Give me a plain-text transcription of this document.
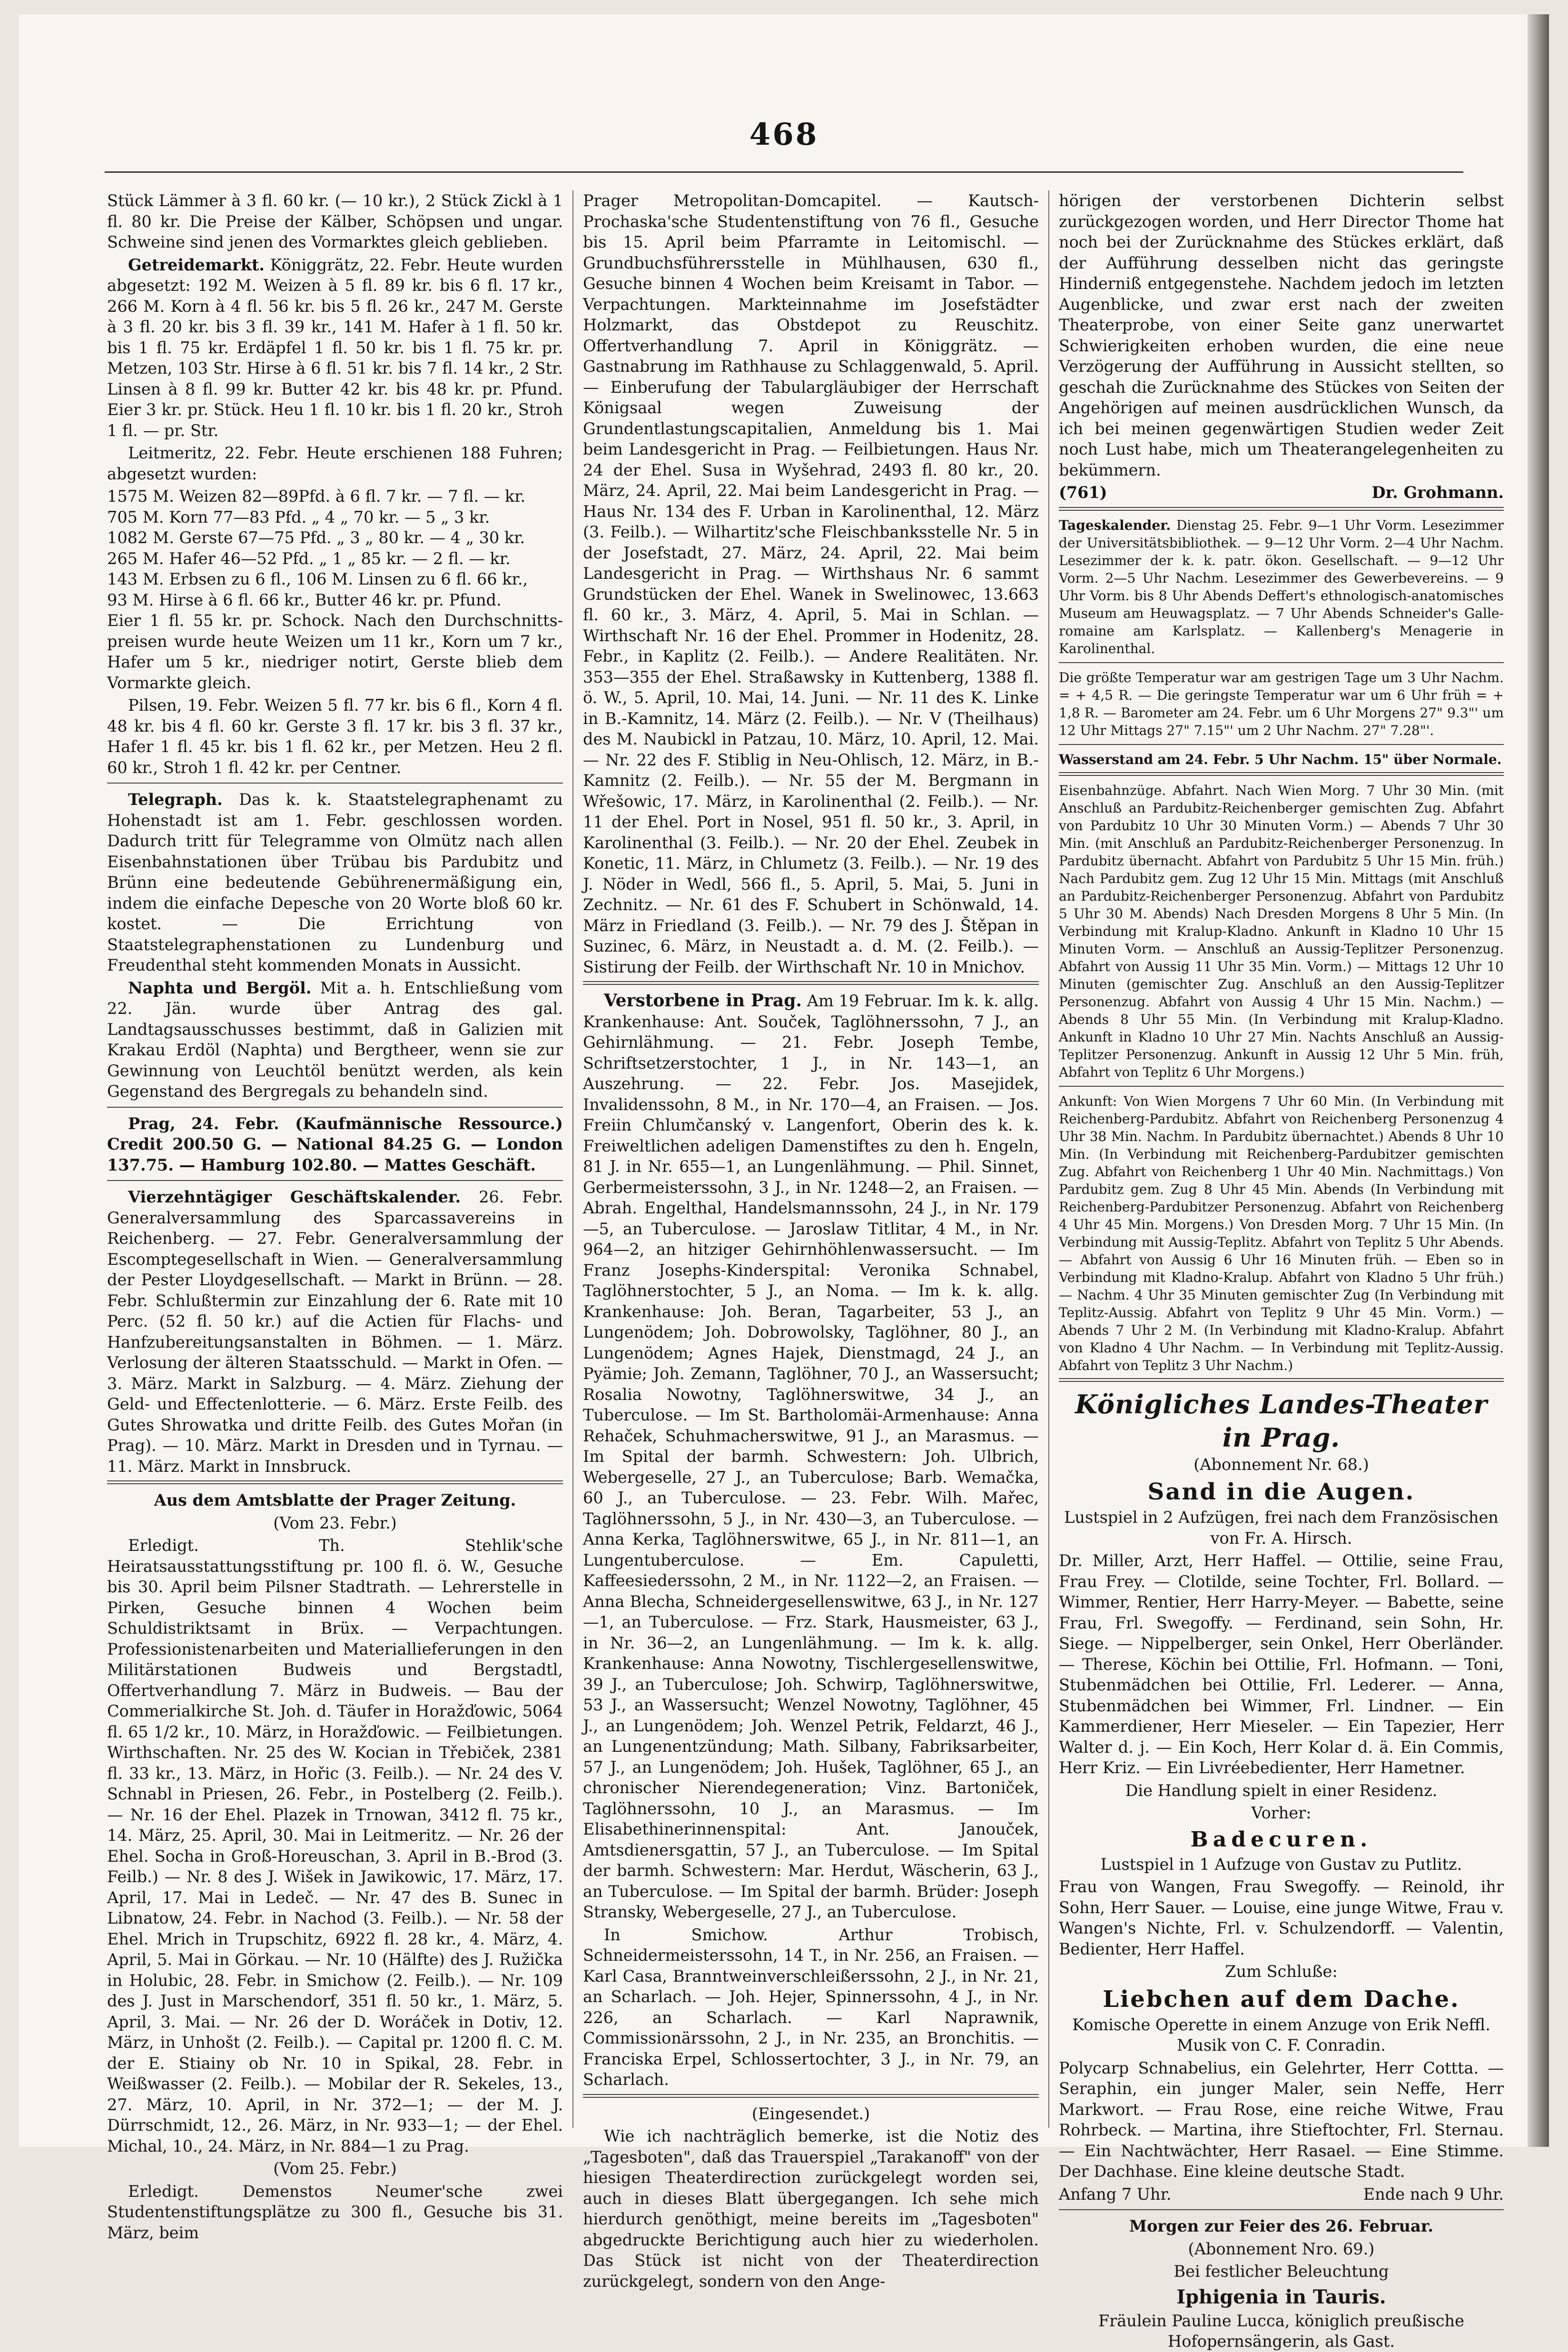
468

Stück Lämmer à 3 fl. 60 kr. (— 10 kr.), 2 Stück Zickl à 1 fl. 80 kr. Die Preise der Kälber, Schöpsen und ungar. Schweine sind jenen des Vormarktes gleich geblieben.

Getreidemarkt. Königgrätz, 22. Febr. Heute wurden abgesetzt: 192 M. Weizen à 5 fl. 89 kr. bis 6 fl. 17 kr., 266 M. Korn à 4 fl. 56 kr. bis 5 fl. 26 kr., 247 M. Gerste à 3 fl. 20 kr. bis 3 fl. 39 kr., 141 M. Hafer à 1 fl. 50 kr. bis 1 fl. 75 kr. Erdäpfel 1 fl. 50 kr. bis 1 fl. 75 kr. pr. Metzen, 103 Str. Hirse à 6 fl. 51 kr. bis 7 fl. 14 kr., 2 Str. Linsen à 8 fl. 99 kr. Butter 42 kr. bis 48 kr. pr. Pfund. Eier 3 kr. pr. Stück. Heu 1 fl. 10 kr. bis 1 fl. 20 kr., Stroh 1 fl. — pr. Str.

Leitmeritz, 22. Febr. Heute erschienen 188 Fuhren; abgesetzt wurden:

1575 M. Weizen 82—89Pfd. à 6 fl. 7 kr. — 7 fl. — kr.
705 M. Korn 77—83 Pfd. „ 4 „ 70 kr. — 5 „ 3 kr.
1082 M. Gerste 67—75 Pfd. „ 3 „ 80 kr. — 4 „ 30 kr.
265 M. Hafer 46—52 Pfd. „ 1 „ 85 kr. — 2 fl. — kr.
143 M. Erbsen zu 6 fl., 106 M. Linsen zu 6 fl. 66 kr.,
93 M. Hirse à 6 fl. 66 kr., Butter 46 kr. pr. Pfund.

Eier 1 fl. 55 kr. pr. Schock. Nach den Durchschnitts-preisen wurde heute Weizen um 11 kr., Korn um 7 kr., Hafer um 5 kr., niedriger notirt, Gerste blieb dem Vormarkte gleich.

Pilsen, 19. Febr. Weizen 5 fl. 77 kr. bis 6 fl., Korn 4 fl. 48 kr. bis 4 fl. 60 kr. Gerste 3 fl. 17 kr. bis 3 fl. 37 kr., Hafer 1 fl. 45 kr. bis 1 fl. 62 kr., per Metzen. Heu 2 fl. 60 kr., Stroh 1 fl. 42 kr. per Centner.

Telegraph. Das k. k. Staatstelegraphenamt zu Hohenstadt ist am 1. Febr. geschlossen worden. Dadurch tritt für Telegramme von Olmütz nach allen Eisenbahnstationen über Trübau bis Pardubitz und Brünn eine bedeutende Gebührenermäßigung ein, indem die einfache Depesche von 20 Worte bloß 60 kr. kostet. — Die Errichtung von Staatstelegraphenstationen zu Lundenburg und Freudenthal steht kommenden Monats in Aussicht.

Naphta und Bergöl. Mit a. h. Entschließung vom 22. Jän. wurde über Antrag des gal. Landtagsausschusses bestimmt, daß in Galizien mit Krakau Erdöl (Naphta) und Bergtheer, wenn sie zur Gewinnung von Leuchtöl benützt werden, als kein Gegenstand des Bergregals zu behandeln sind.

Prag, 24. Febr. (Kaufmännische Ressource.) Credit 200.50 G. — National 84.25 G. — London 137.75. — Hamburg 102.80. — Mattes Geschäft.

Vierzehntägiger Geschäftskalender. 26. Febr. Generalversammlung des Sparcassavereins in Reichenberg. — 27. Febr. Generalversammlung der Escomptegesellschaft in Wien. — Generalversammlung der Pester Lloydgesellschaft. — Markt in Brünn. — 28. Febr. Schlußtermin zur Einzahlung der 6. Rate mit 10 Perc. (52 fl. 50 kr.) auf die Actien für Flachs- und Hanfzubereitungsanstalten in Böhmen. — 1. März. Verlosung der älteren Staatsschuld. — Markt in Ofen. — 3. März. Markt in Salzburg. — 4. März. Ziehung der Geld- und Effectenlotterie. — 6. März. Erste Feilb. des Gutes Shrowatka und dritte Feilb. des Gutes Mořan (in Prag). — 10. März. Markt in Dresden und in Tyrnau. — 11. März. Markt in Innsbruck.

Aus dem Amtsblatte der Prager Zeitung.

(Vom 23. Febr.)

Erledigt. Th. Stehlik'sche Heiratsausstattungsstiftung pr. 100 fl. ö. W., Gesuche bis 30. April beim Pilsner Stadtrath. — Lehrerstelle in Pirken, Gesuche binnen 4 Wochen beim Schuldistriktsamt in Brüx. — Verpachtungen. Professionistenarbeiten und Materiallieferungen in den Militärstationen Budweis und Bergstadtl, Offertverhandlung 7. März in Budweis. — Bau der Commerialkirche St. Joh. d. Täufer in Horažďowic, 5064 fl. 65 1/2 kr., 10. März, in Horažďowic. — Feilbietungen. Wirthschaften. Nr. 25 des W. Kocian in Třebiček, 2381 fl. 33 kr., 13. März, in Hořic (3. Feilb.). — Nr. 24 des V. Schnabl in Priesen, 26. Febr., in Postelberg (2. Feilb.). — Nr. 16 der Ehel. Plazek in Trnowan, 3412 fl. 75 kr., 14. März, 25. April, 30. Mai in Leitmeritz. — Nr. 26 der Ehel. Socha in Groß-Horeuschan, 3. April in B.-Brod (3. Feilb.) — Nr. 8 des J. Wišek in Jawikowic, 17. März, 17. April, 17. Mai in Ledeč. — Nr. 47 des B. Sunec in Libnatow, 24. Febr. in Nachod (3. Feilb.). — Nr. 58 der Ehel. Mrich in Trupschitz, 6922 fl. 28 kr., 4. März, 4. April, 5. Mai in Görkau. — Nr. 10 (Hälfte) des J. Ružička in Holubic, 28. Febr. in Smichow (2. Feilb.). — Nr. 109 des J. Just in Marschendorf, 351 fl. 50 kr., 1. März, 5. April, 3. Mai. — Nr. 26 der D. Woráček in Dotiv, 12. März, in Unhošt (2. Feilb.). — Capital pr. 1200 fl. C. M. der E. Stiainy ob Nr. 10 in Spikal, 28. Febr. in Weißwasser (2. Feilb.). — Mobilar der R. Sekeles, 13., 27. März, 10. April, in Nr. 372—1; — der M. J. Dürrschmidt, 12., 26. März, in Nr. 933—1; — der Ehel. Michal, 10., 24. März, in Nr. 884—1 zu Prag.

(Vom 25. Febr.)

Erledigt. Demenstos Neumer'sche zwei Studentenstiftungsplätze zu 300 fl., Gesuche bis 31. März, beim

Prager Metropolitan-Domcapitel. — Kautsch-Prochaska'sche Studentenstiftung von 76 fl., Gesuche bis 15. April beim Pfarramte in Leitomischl. — Grundbuchsführersstelle in Mühlhausen, 630 fl., Gesuche binnen 4 Wochen beim Kreisamt in Tabor. — Verpachtungen. Markteinnahme im Josefstädter Holzmarkt, das Obstdepot zu Reuschitz. Offertverhandlung 7. April in Königgrätz. — Gastnabrung im Rathhause zu Schlaggenwald, 5. April. — Einberufung der Tabulargläubiger der Herrschaft Königsaal wegen Zuweisung der Grundentlastungscapitalien, Anmeldung bis 1. Mai beim Landesgericht in Prag. — Feilbietungen. Haus Nr. 24 der Ehel. Susa in Wyšehrad, 2493 fl. 80 kr., 20. März, 24. April, 22. Mai beim Landesgericht in Prag. — Haus Nr. 134 des F. Urban in Karolinenthal, 12. März (3. Feilb.). — Wilhartitz'sche Fleischbanksstelle Nr. 5 in der Josefstadt, 27. März, 24. April, 22. Mai beim Landesgericht in Prag. — Wirthshaus Nr. 6 sammt Grundstücken der Ehel. Wanek in Swelinowec, 13.663 fl. 60 kr., 3. März, 4. April, 5. Mai in Schlan. — Wirthschaft Nr. 16 der Ehel. Prommer in Hodenitz, 28. Febr., in Kaplitz (2. Feilb.). — Andere Realitäten. Nr. 353—355 der Ehel. Straßawsky in Kuttenberg, 1388 fl. ö. W., 5. April, 10. Mai, 14. Juni. — Nr. 11 des K. Linke in B.-Kamnitz, 14. März (2. Feilb.). — Nr. V (Theilhaus) des M. Naubickl in Patzau, 10. März, 10. April, 12. Mai. — Nr. 22 des F. Stiblig in Neu-Ohlisch, 12. März, in B.-Kamnitz (2. Feilb.). — Nr. 55 der M. Bergmann in Wřešowic, 17. März, in Karolinenthal (2. Feilb.). — Nr. 11 der Ehel. Port in Nosel, 951 fl. 50 kr., 3. April, in Karolinenthal (3. Feilb.). — Nr. 20 der Ehel. Zeubek in Konetic, 11. März, in Chlumetz (3. Feilb.). — Nr. 19 des J. Nöder in Wedl, 566 fl., 5. April, 5. Mai, 5. Juni in Zechnitz. — Nr. 61 des F. Schubert in Schönwald, 14. März in Friedland (3. Feilb.). — Nr. 79 des J. Štěpan in Suzinec, 6. März, in Neustadt a. d. M. (2. Feilb.). — Sistirung der Feilb. der Wirthschaft Nr. 10 in Mnichov.

Verstorbene in Prag. Am 19 Februar. Im k. k. allg. Krankenhause: Ant. Souček, Taglöhnerssohn, 7 J., an Gehirnlähmung. — 21. Febr. Joseph Tembe, Schriftsetzerstochter, 1 J., in Nr. 143—1, an Auszehrung. — 22. Febr. Jos. Masejidek, Invalidenssohn, 8 M., in Nr. 170—4, an Fraisen. — Jos. Freiin Chlumčanský v. Langenfort, Oberin des k. k. Freiweltlichen adeligen Damenstiftes zu den h. Engeln, 81 J. in Nr. 655—1, an Lungenlähmung. — Phil. Sinnet, Gerbermeisterssohn, 3 J., in Nr. 1248—2, an Fraisen. — Abrah. Engelthal, Handelsmannssohn, 24 J., in Nr. 179—5, an Tuberculose. — Jaroslaw Titlitar, 4 M., in Nr. 964—2, an hitziger Gehirnhöhlenwassersucht. — Im Franz Josephs-Kinderspital: Veronika Schnabel, Taglöhnerstochter, 5 J., an Noma. — Im k. k. allg. Krankenhause: Joh. Beran, Tagarbeiter, 53 J., an Lungenödem; Joh. Dobrowolsky, Taglöhner, 80 J., an Lungenödem; Agnes Hajek, Dienstmagd, 24 J., an Pyämie; Joh. Zemann, Taglöhner, 70 J., an Wassersucht; Rosalia Nowotny, Taglöhnerswitwe, 34 J., an Tuberculose. — Im St. Bartholomäi-Armenhause: Anna Rehaček, Schuhmacherswitwe, 91 J., an Marasmus. — Im Spital der barmh. Schwestern: Joh. Ulbrich, Webergeselle, 27 J., an Tuberculose; Barb. Wemačka, 60 J., an Tuberculose. — 23. Febr. Wilh. Mařec, Taglöhnerssohn, 5 J., in Nr. 430—3, an Tuberculose. — Anna Kerka, Taglöhnerswitwe, 65 J., in Nr. 811—1, an Lungentuberculose. — Em. Capuletti, Kaffeesiederssohn, 2 M., in Nr. 1122—2, an Fraisen. — Anna Blecha, Schneidergesellenswitwe, 63 J., in Nr. 127—1, an Tuberculose. — Frz. Stark, Hausmeister, 63 J., in Nr. 36—2, an Lungenlähmung. — Im k. k. allg. Krankenhause: Anna Nowotny, Tischlergesellenswitwe, 39 J., an Tuberculose; Joh. Schwirp, Taglöhnerswitwe, 53 J., an Wassersucht; Wenzel Nowotny, Taglöhner, 45 J., an Lungenödem; Joh. Wenzel Petrik, Feldarzt, 46 J., an Lungenentzündung; Math. Silbany, Fabriksarbeiter, 57 J., an Lungenödem; Joh. Hušek, Taglöhner, 65 J., an chronischer Nierendegeneration; Vinz. Bartoniček, Taglöhnerssohn, 10 J., an Marasmus. — Im Elisabethinerinnenspital: Ant. Janouček, Amtsdienersgattin, 57 J., an Tuberculose. — Im Spital der barmh. Schwestern: Mar. Herdut, Wäscherin, 63 J., an Tuberculose. — Im Spital der barmh. Brüder: Joseph Stransky, Webergeselle, 27 J., an Tuberculose.

In Smichow. Arthur Trobisch, Schneidermeisterssohn, 14 T., in Nr. 256, an Fraisen. — Karl Casa, Branntweinverschleißerssohn, 2 J., in Nr. 21, an Scharlach. — Joh. Hejer, Spinnerssohn, 4 J., in Nr. 226, an Scharlach. — Karl Naprawnik, Commissionärssohn, 2 J., in Nr. 235, an Bronchitis. — Franciska Erpel, Schlossertochter, 3 J., in Nr. 79, an Scharlach.

(Eingesendet.)

Wie ich nachträglich bemerke, ist die Notiz des „Tagesboten", daß das Trauerspiel „Tarakanoff" von der hiesigen Theaterdirection zurückgelegt worden sei, auch in dieses Blatt übergegangen. Ich sehe mich hierdurch genöthigt, meine bereits im „Tagesboten" abgedruckte Berichtigung auch hier zu wiederholen. Das Stück ist nicht von der Theaterdirection zurückgelegt, sondern von den Ange-

hörigen der verstorbenen Dichterin selbst zurückgezogen worden, und Herr Director Thome hat noch bei der Zurücknahme des Stückes erklärt, daß der Aufführung desselben nicht das geringste Hinderniß entgegenstehe. Nachdem jedoch im letzten Augenblicke, und zwar erst nach der zweiten Theaterprobe, von einer Seite ganz unerwartet Schwierigkeiten erhoben wurden, die eine neue Verzögerung der Aufführung in Aussicht stellten, so geschah die Zurücknahme des Stückes von Seiten der Angehörigen auf meinen ausdrücklichen Wunsch, da ich bei meinen gegenwärtigen Studien weder Zeit noch Lust habe, mich um Theaterangelegenheiten zu bekümmern.

(761)	Dr. Grohmann.

Tageskalender. Dienstag 25. Febr. 9—1 Uhr Vorm. Lesezimmer der Universitätsbibliothek. — 9—12 Uhr Vorm. 2—4 Uhr Nachm. Lesezimmer der k. k. patr. ökon. Gesellschaft. — 9—12 Uhr Vorm. 2—5 Uhr Nachm. Lesezimmer des Gewerbevereins. — 9 Uhr Vorm. bis 8 Uhr Abends Deffert's ethnologisch-anatomisches Museum am Heuwagsplatz. — 7 Uhr Abends Schneider's Galle-romaine am Karlsplatz. — Kallenberg's Menagerie in Karolinenthal.

Die größte Temperatur war am gestrigen Tage um 3 Uhr Nachm. = + 4,5 R. — Die geringste Temperatur war um 6 Uhr früh = + 1,8 R. — Barometer am 24. Febr. um 6 Uhr Morgens 27" 9.3"' um 12 Uhr Mittags 27" 7.15"' um 2 Uhr Nachm. 27" 7.28"'.

Wasserstand am 24. Febr. 5 Uhr Nachm. 15" über Normale.

Eisenbahnzüge. Abfahrt. Nach Wien Morg. 7 Uhr 30 Min. (mit Anschluß an Pardubitz-Reichenberger gemischten Zug. Abfahrt von Pardubitz 10 Uhr 30 Minuten Vorm.) — Abends 7 Uhr 30 Min. (mit Anschluß an Pardubitz-Reichenberger Personenzug. In Pardubitz übernacht. Abfahrt von Pardubitz 5 Uhr 15 Min. früh.) Nach Pardubitz gem. Zug 12 Uhr 15 Min. Mittags (mit Anschluß an Pardubitz-Reichenberger Personenzug. Abfahrt von Pardubitz 5 Uhr 30 M. Abends) Nach Dresden Morgens 8 Uhr 5 Min. (In Verbindung mit Kralup-Kladno. Ankunft in Kladno 10 Uhr 15 Minuten Vorm. — Anschluß an Aussig-Teplitzer Personenzug. Abfahrt von Aussig 11 Uhr 35 Min. Vorm.) — Mittags 12 Uhr 10 Minuten (gemischter Zug. Anschluß an den Aussig-Teplitzer Personenzug. Abfahrt von Aussig 4 Uhr 15 Min. Nachm.) — Abends 8 Uhr 55 Min. (In Verbindung mit Kralup-Kladno. Ankunft in Kladno 10 Uhr 27 Min. Nachts Anschluß an Aussig-Teplitzer Personenzug. Ankunft in Aussig 12 Uhr 5 Min. früh, Abfahrt von Teplitz 6 Uhr Morgens.)

Ankunft: Von Wien Morgens 7 Uhr 60 Min. (In Verbindung mit Reichenberg-Pardubitz. Abfahrt von Reichenberg Personenzug 4 Uhr 38 Min. Nachm. In Pardubitz übernachtet.) Abends 8 Uhr 10 Min. (In Verbindung mit Reichenberg-Pardubitzer gemischten Zug. Abfahrt von Reichenberg 1 Uhr 40 Min. Nachmittags.) Von Pardubitz gem. Zug 8 Uhr 45 Min. Abends (In Verbindung mit Reichenberg-Pardubitzer Personenzug. Abfahrt von Reichenberg 4 Uhr 45 Min. Morgens.) Von Dresden Morg. 7 Uhr 15 Min. (In Verbindung mit Aussig-Teplitz. Abfahrt von Teplitz 5 Uhr Abends. — Abfahrt von Aussig 6 Uhr 16 Minuten früh. — Eben so in Verbindung mit Kladno-Kralup. Abfahrt von Kladno 5 Uhr früh.) — Nachm. 4 Uhr 35 Minuten gemischter Zug (In Verbindung mit Teplitz-Aussig. Abfahrt von Teplitz 9 Uhr 45 Min. Vorm.) — Abends 7 Uhr 2 M. (In Verbindung mit Kladno-Kralup. Abfahrt von Kladno 4 Uhr Nachm. — In Verbindung mit Teplitz-Aussig. Abfahrt von Teplitz 3 Uhr Nachm.)

Königliches Landes-Theater in Prag.

(Abonnement Nr. 68.)

Sand in die Augen.

Lustspiel in 2 Aufzügen, frei nach dem Französischen von Fr. A. Hirsch.

Dr. Miller, Arzt, Herr Haffel. — Ottilie, seine Frau, Frau Frey. — Clotilde, seine Tochter, Frl. Bollard. — Wimmer, Rentier, Herr Harry-Meyer. — Babette, seine Frau, Frl. Swegoffy. — Ferdinand, sein Sohn, Hr. Siege. — Nippelberger, sein Onkel, Herr Oberländer. — Therese, Köchin bei Ottilie, Frl. Hofmann. — Toni, Stubenmädchen bei Ottilie, Frl. Lederer. — Anna, Stubenmädchen bei Wimmer, Frl. Lindner. — Ein Kammerdiener, Herr Mieseler. — Ein Tapezier, Herr Walter d. j. — Ein Koch, Herr Kolar d. ä. Ein Commis, Herr Kriz. — Ein Livréebedienter, Herr Hametner.

Die Handlung spielt in einer Residenz.

Vorher:

Badecuren.

Lustspiel in 1 Aufzuge von Gustav zu Putlitz.

Frau von Wangen, Frau Swegoffy. — Reinold, ihr Sohn, Herr Sauer. — Louise, eine junge Witwe, Frau v. Wangen's Nichte, Frl. v. Schulzendorff. — Valentin, Bedienter, Herr Haffel.

Zum Schluße:

Liebchen auf dem Dache.

Komische Operette in einem Anzuge von Erik Neffl. Musik von C. F. Conradin.

Polycarp Schnabelius, ein Gelehrter, Herr Cottta. — Seraphin, ein junger Maler, sein Neffe, Herr Markwort. — Frau Rose, eine reiche Witwe, Frau Rohrbeck. — Martina, ihre Stieftochter, Frl. Sternau. — Ein Nachtwächter, Herr Rasael. — Eine Stimme. Der Dachhase. Eine kleine deutsche Stadt.

Anfang 7 Uhr.	Ende nach 9 Uhr.

Morgen zur Feier des 26. Februar.

(Abonnement Nro. 69.)

Bei festlicher Beleuchtung

Iphigenia in Tauris.

Fräulein Pauline Lucca, königlich preußische Hofopernsängerin, als Gast.
